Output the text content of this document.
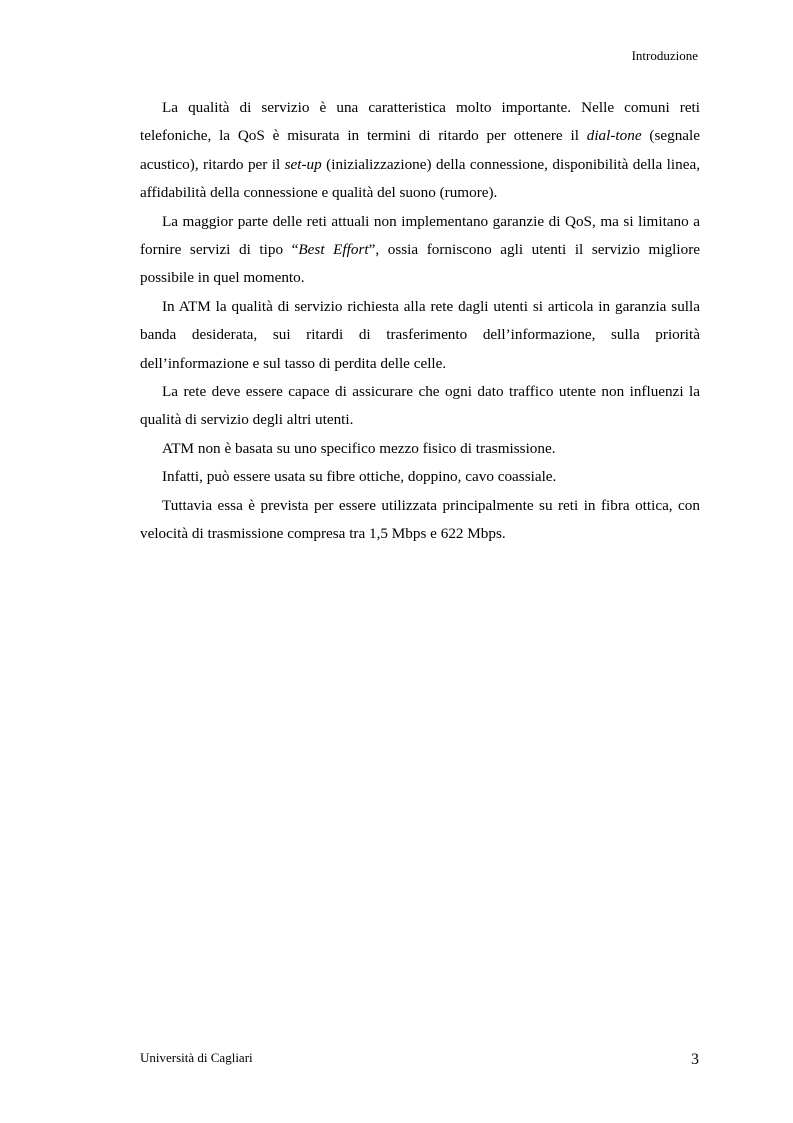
Introduzione

La qualità di servizio è una caratteristica molto importante. Nelle comuni reti telefoniche, la QoS è misurata in termini di ritardo per ottenere il dial-tone (segnale acustico), ritardo per il set-up (inizializzazione) della connessione, disponibilità della linea, affidabilità della connessione e qualità del suono (rumore).

La maggior parte delle reti attuali non implementano garanzie di QoS, ma si limitano a fornire servizi di tipo “Best Effort”, ossia forniscono agli utenti il servizio migliore possibile in quel momento.

In ATM la qualità di servizio richiesta alla rete dagli utenti si articola in garanzia sulla banda desiderata, sui ritardi di trasferimento dell’informazione, sulla priorità dell’informazione e sul tasso di perdita delle celle.

La rete deve essere capace di assicurare che ogni dato traffico utente non influenzi la qualità di servizio degli altri utenti.

ATM non è basata su uno specifico mezzo fisico di trasmissione.

Infatti, può essere usata su fibre ottiche, doppino, cavo coassiale.

Tuttavia essa è prevista per essere utilizzata principalmente su reti in fibra ottica, con velocità di trasmissione compresa tra 1,5 Mbps e 622 Mbps.

Università di Cagliari	3
